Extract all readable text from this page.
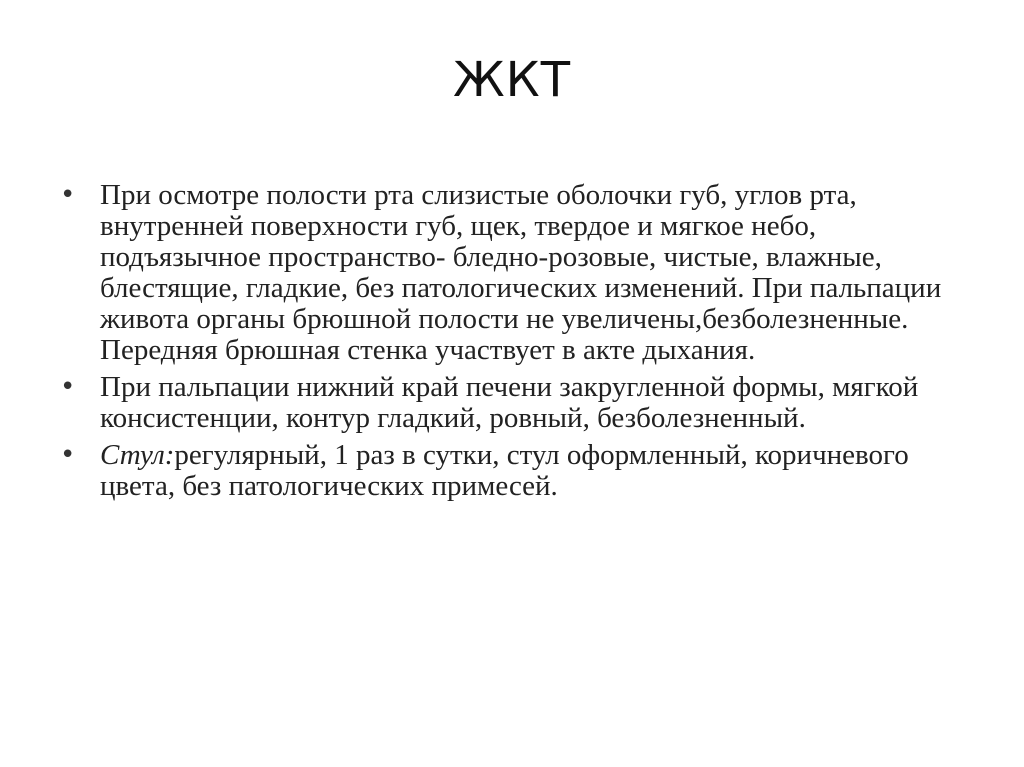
ЖКТ
• При осмотре полости рта слизистые оболочки губ, углов рта, внутренней поверхности губ, щек, твердое и мягкое небо, подъязычное пространство- бледно-розовые, чистые, влажные, блестящие, гладкие, без патологических изменений. При пальпации живота органы брюшной полости не увеличены,безболезненные. Передняя брюшная стенка участвует в акте дыхания.
• При пальпации нижний край печени закругленной формы, мягкой консистенции, контур гладкий, ровный, безболезненный.
• Стул:регулярный, 1 раз в сутки, стул оформленный, коричневого цвета, без патологических примесей.
